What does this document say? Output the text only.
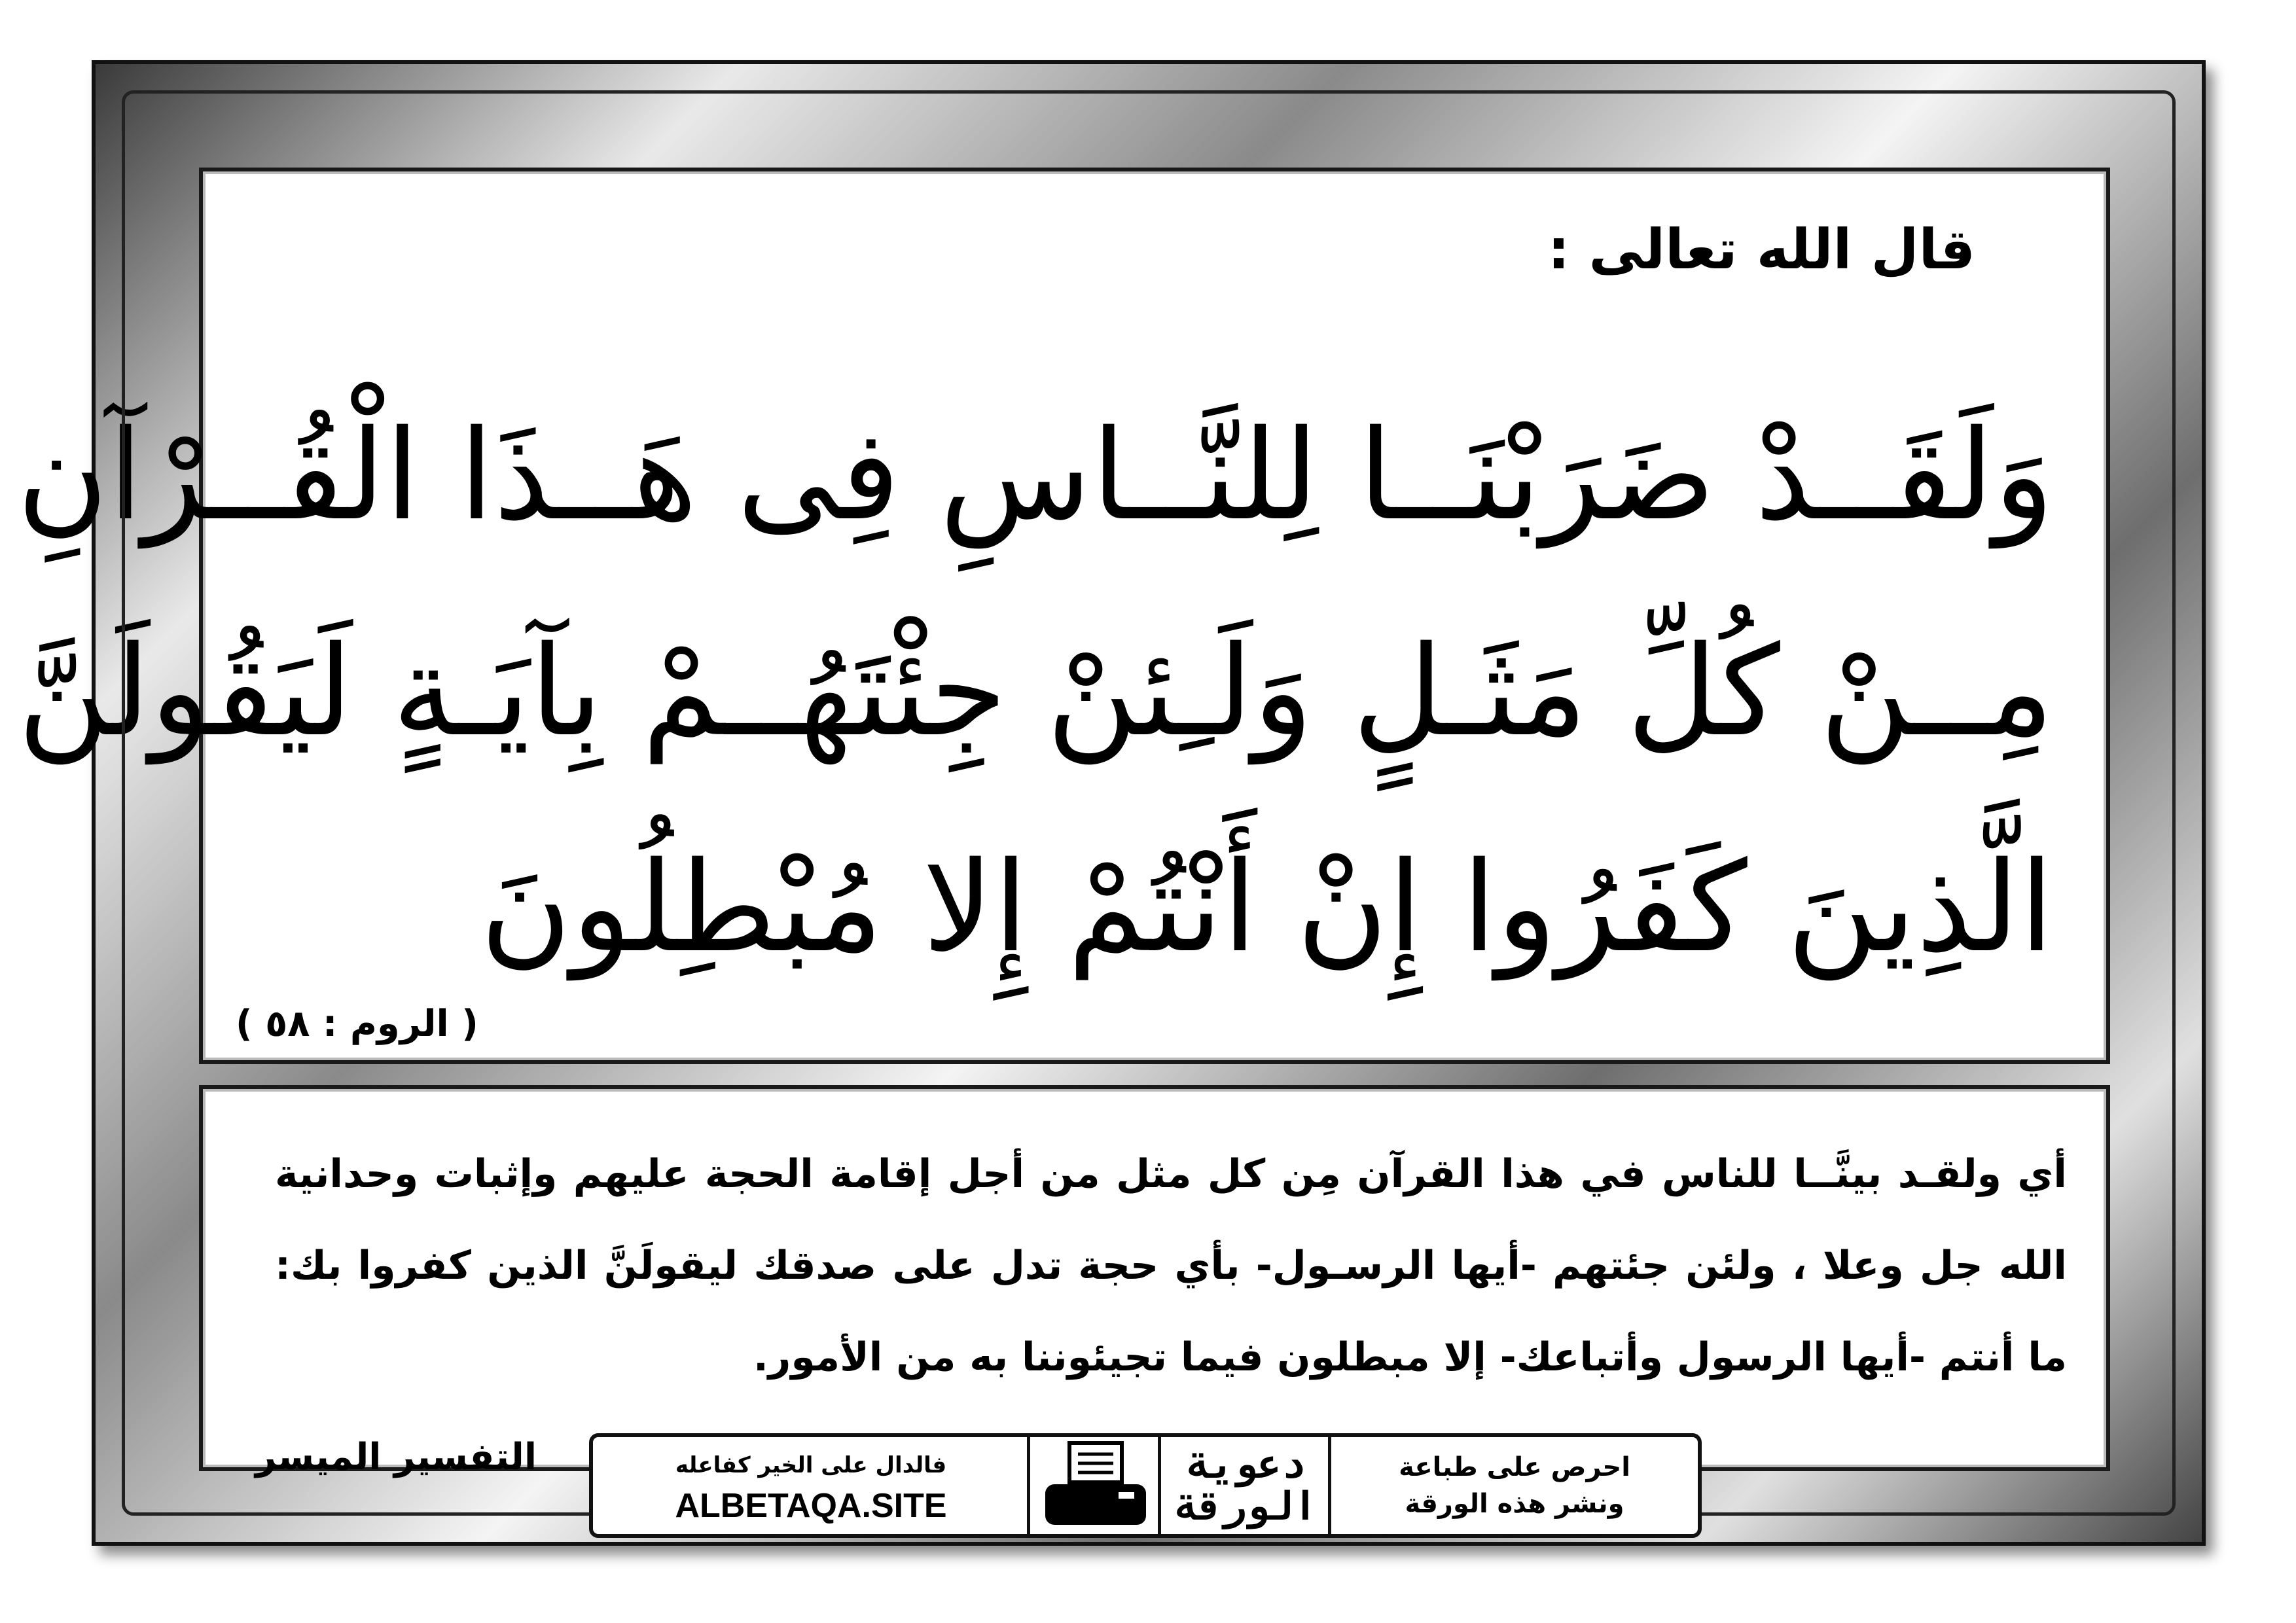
قال الله تعالى :
وَلَقَــدْ ضَرَبْنَــا لِلنَّــاسِ فِى هَــذَا الْقُــرْآنِ
مِــنْ كُلِّ مَثَـلٍ وَلَـِئنْ جِئْتَهُــمْ بِآيَـةٍ لَيَقُولَنَّ
الَّذِينَ كَفَرُوا إِنْ أَنْتُمْ إِلا مُبْطِلُونَ
( الروم : ٥٨ )
أي ولقـد بينَّــا للناس في هذا القرآن مِن كل مثل من أجل إقامة الحجة عليهم وإثبات وحدانية الله جل وعلا ، ولئن جئتهم -أيها الرسـول- بأي حجة تدل على صدقك ليقولَنَّ الذين كفروا بك: ما أنتم -أيها الرسول وأتباعك- إلا مبطلون فيما تجيئوننا به من الأمور.
التفسير الميسر	احرص على طباعة
ونشر هذه الورقة
دعوية
الورقة
فالدال على الخير كفاعله
ALBETAQA.SITE
